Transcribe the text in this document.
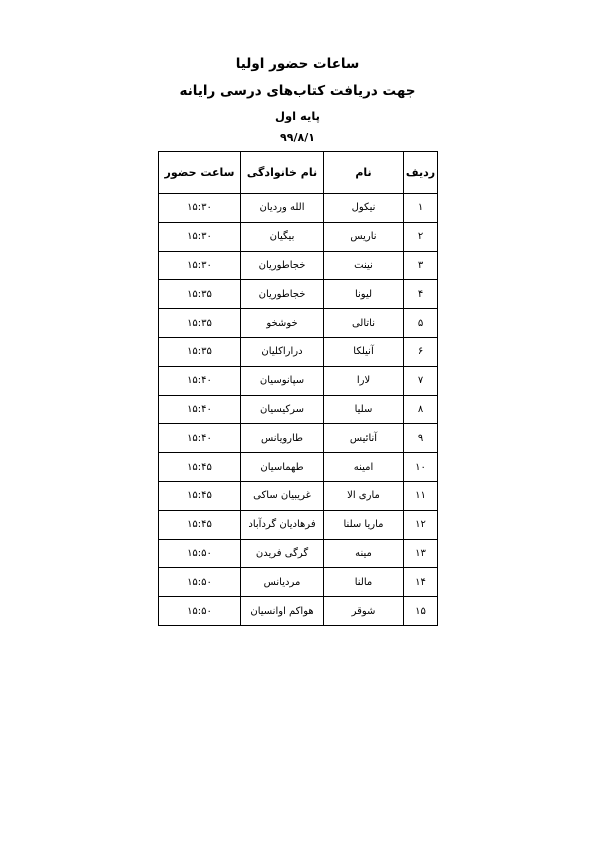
ساعات حضور اولیا
جهت دریافت کتاب‌های درسی رایانه
پایه اول
۹۹/۸/۱
ردیف	نام	نام خانوادگی	ساعت حضور
۱	نیکول	الله وردیان	۱۵:۳۰
۲	ناریس	بیگیان	۱۵:۳۰
۳	نینت	خجاطوریان	۱۵:۳۰
۴	لیونا	خجاطوریان	۱۵:۳۵
۵	ناتالی	خوشخو	۱۵:۳۵
۶	آنیلکا	دراراکلیان	۱۵:۳۵
۷	لارا	سپانوسیان	۱۵:۴۰
۸	سلیا	سرکیسیان	۱۵:۴۰
۹	آنائیس	طارویانس	۱۵:۴۰
۱۰	امینه	طهماسیان	۱۵:۴۵
۱۱	ماری الا	غریبیان ساکی	۱۵:۴۵
۱۲	ماریا سلنا	فرهادیان گردآباد	۱۵:۴۵
۱۳	مینه	گرگی فریدن	۱۵:۵۰
۱۴	مالنا	مردیانس	۱۵:۵۰
۱۵	شوقر	هواکم اوانسیان	۱۵:۵۰
